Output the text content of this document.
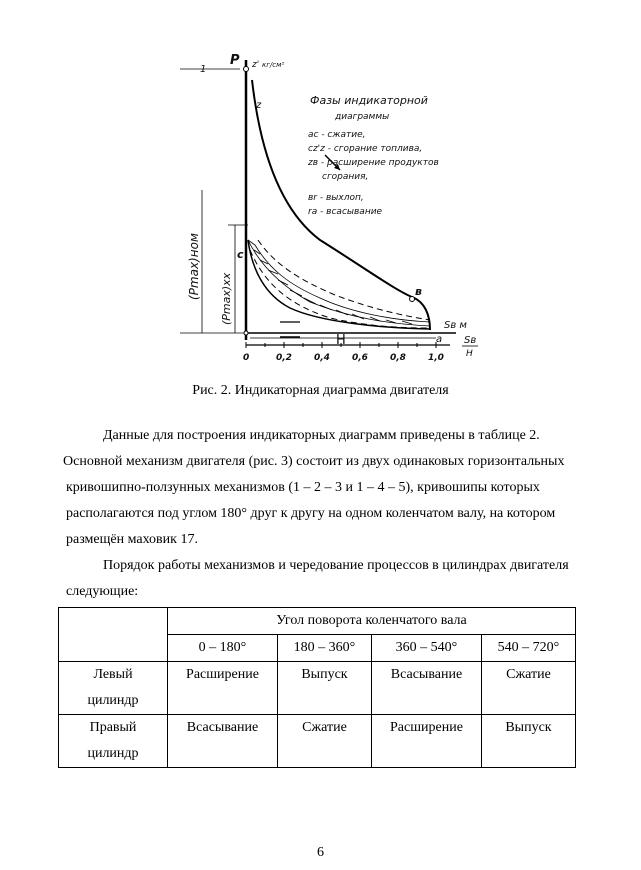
0	0,2 0,4 0,6 0,8 1,0
P z' кг/см²
1
z
c
в
a
Sв м
H	Sв
H
(Pmax)ном (Pmax)хх
Фазы индикаторной
диаграммы
ac - сжатие,
cz'z - сгорание топлива,
zв - расширение продуктов
сгорания,
вr - выхлоп,
ra - всасывание
Рис. 2. Индикаторная диаграмма двигателя
Данные для построения индикаторных диаграмм приведены в таблице 2.
Основной механизм двигателя (рис. 3) состоит из двух одинаковых горизонтальных
кривошипно-ползунных механизмов (1 – 2 – 3 и 1 – 4 – 5), кривошипы которых
располагаются под углом 180° друг к другу на одном коленчатом валу, на котором
размещён маховик 17.
Порядок работы механизмов и чередование процессов в цилиндрах двигателя
следующие:
	Угол поворота коленчатого вала			
	0 – 180°	180 – 360°	360 – 540°	540 – 720°

Левый
цилиндр	Расширение	Выпуск	Всасывание	Сжатие

Правый
цилиндр	Всасывание	Сжатие	Расширение	Выпуск
6
